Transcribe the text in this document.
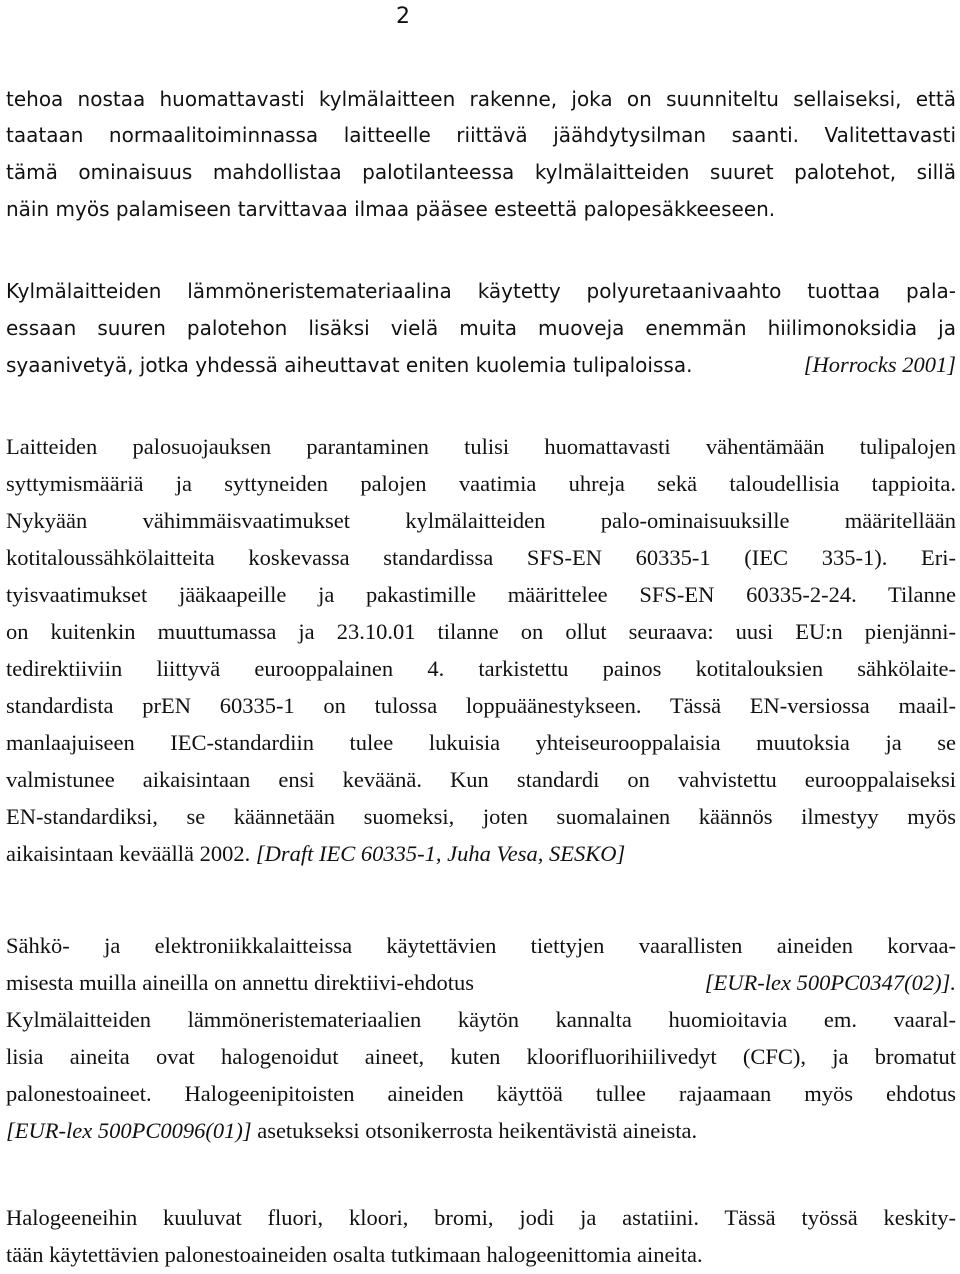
2
tehoa nostaa huomattavasti kylmälaitteen rakenne, joka on suunniteltu sellaiseksi, että
taataan normaalitoiminnassa laitteelle riittävä jäähdytysilman saanti. Valitettavasti
tämä ominaisuus mahdollistaa palotilanteessa kylmälaitteiden suuret palotehot, sillä
näin myös palamiseen tarvittavaa ilmaa pääsee esteettä palopesäkkeeseen.
Kylmälaitteiden lämmöneristemateriaalina käytetty polyuretaanivaahto tuottaa pala-
essaan suuren palotehon lisäksi vielä muita muoveja enemmän hiilimonoksidia ja
syaanivetyä, jotka yhdessä aiheuttavat eniten kuolemia tulipaloissa.	[Horrocks 2001]
Laitteiden palosuojauksen parantaminen tulisi huomattavasti vähentämään tulipalojen
syttymismääriä ja syttyneiden palojen vaatimia uhreja sekä taloudellisia tappioita.
Nykyään vähimmäisvaatimukset kylmälaitteiden palo-ominaisuuksille määritellään
kotitaloussähkölaitteita koskevassa standardissa SFS-EN 60335-1 (IEC 335-1). Eri-
tyisvaatimukset jääkaapeille ja pakastimille määrittelee SFS-EN 60335-2-24. Tilanne
on kuitenkin muuttumassa ja 23.10.01 tilanne on ollut seuraava: uusi EU:n pienjänni-
tedirektiiviin liittyvä eurooppalainen 4. tarkistettu painos kotitalouksien sähkölaite-
standardista prEN 60335-1 on tulossa loppuäänestykseen. Tässä EN-versiossa maail-
manlaajuiseen IEC-standardiin tulee lukuisia yhteiseurooppalaisia muutoksia ja se
valmistunee aikaisintaan ensi keväänä. Kun standardi on vahvistettu eurooppalaiseksi
EN-standardiksi, se käännetään suomeksi, joten suomalainen käännös ilmestyy myös
aikaisintaan keväällä 2002. [Draft IEC 60335-1, Juha Vesa, SESKO]
Sähkö- ja elektroniikkalaitteissa käytettävien tiettyjen vaarallisten aineiden korvaa-
misesta muilla aineilla on annettu direktiivi-ehdotus	[EUR-lex 500PC0347(02)].
Kylmälaitteiden lämmöneristemateriaalien käytön kannalta huomioitavia em. vaaral-
lisia aineita ovat halogenoidut aineet, kuten kloorifluorihiilivedyt (CFC), ja bromatut
palonestoaineet. Halogeenipitoisten aineiden käyttöä tullee rajaamaan myös ehdotus
[EUR-lex 500PC0096(01)] asetukseksi otsonikerrosta heikentävistä aineista.
Halogeeneihin kuuluvat fluori, kloori, bromi, jodi ja astatiini. Tässä työssä keskity-
tään käytettävien palonestoaineiden osalta tutkimaan halogeenittomia aineita.
